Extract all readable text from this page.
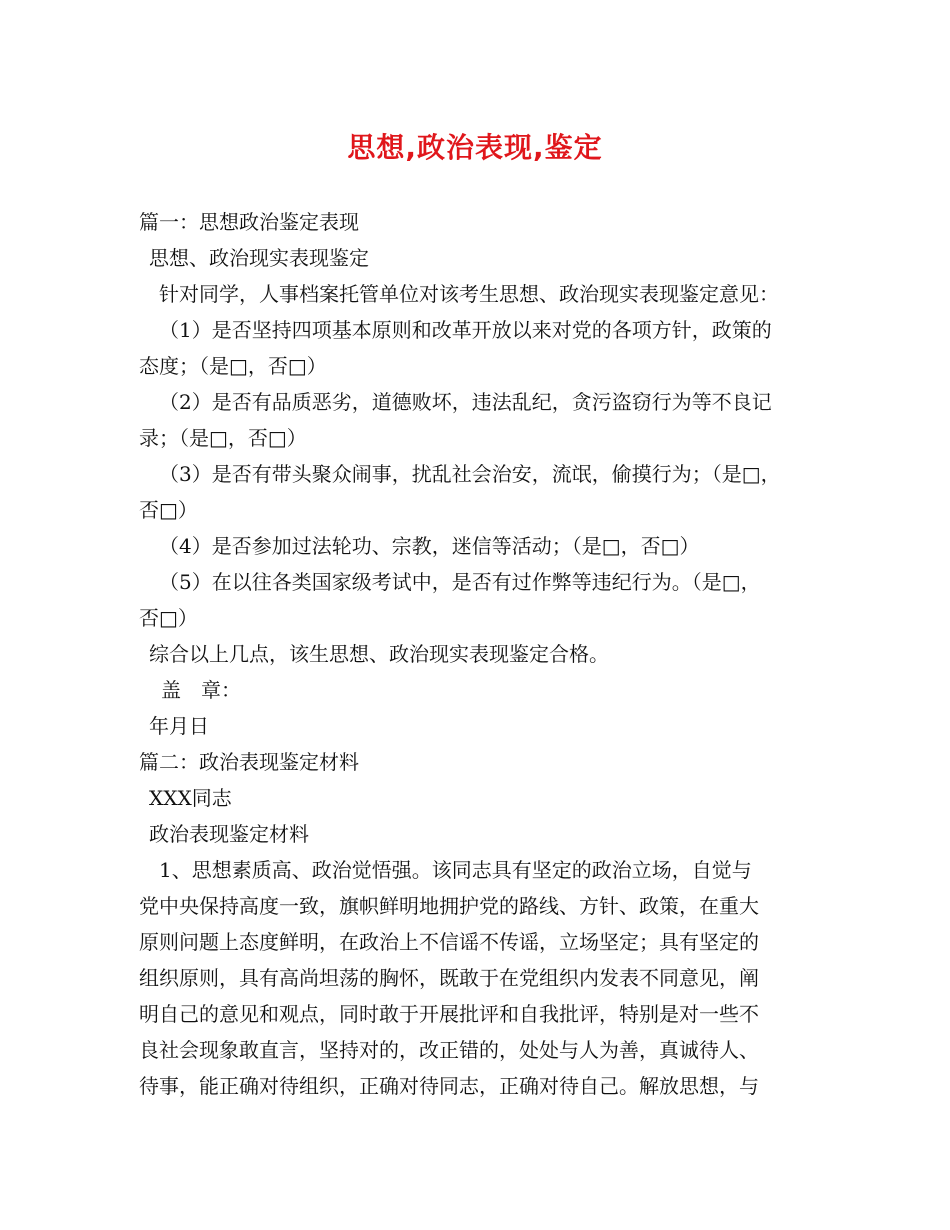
思想,政治表现,鉴定
篇一：思想政治鉴定表现
思想、政治现实表现鉴定
针对同学，人事档案托管单位对该考生思想、政治现实表现鉴定意见：
（1）是否坚持四项基本原则和改革开放以来对党的各项方针，政策的
态度；（是□，否□）
（2）是否有品质恶劣，道德败坏，违法乱纪，贪污盗窃行为等不良记
录；（是□，否□）
（3）是否有带头聚众闹事，扰乱社会治安，流氓，偷摸行为；（是□，
否□）
（4）是否参加过法轮功、宗教，迷信等活动；（是□，否□）
（5）在以往各类国家级考试中，是否有过作弊等违纪行为。（是□，
否□）
综合以上几点，该生思想、政治现实表现鉴定合格。
盖　章：
年月日
篇二：政治表现鉴定材料
XXX同志
政治表现鉴定材料
1、思想素质高、政治觉悟强。该同志具有坚定的政治立场，自觉与
党中央保持高度一致，旗帜鲜明地拥护党的路线、方针、政策，在重大
原则问题上态度鲜明，在政治上不信谣不传谣，立场坚定；具有坚定的
组织原则，具有高尚坦荡的胸怀，既敢于在党组织内发表不同意见，阐
明自己的意见和观点，同时敢于开展批评和自我批评，特别是对一些不
良社会现象敢直言，坚持对的，改正错的，处处与人为善，真诚待人、
待事，能正确对待组织，正确对待同志，正确对待自己。解放思想，与
